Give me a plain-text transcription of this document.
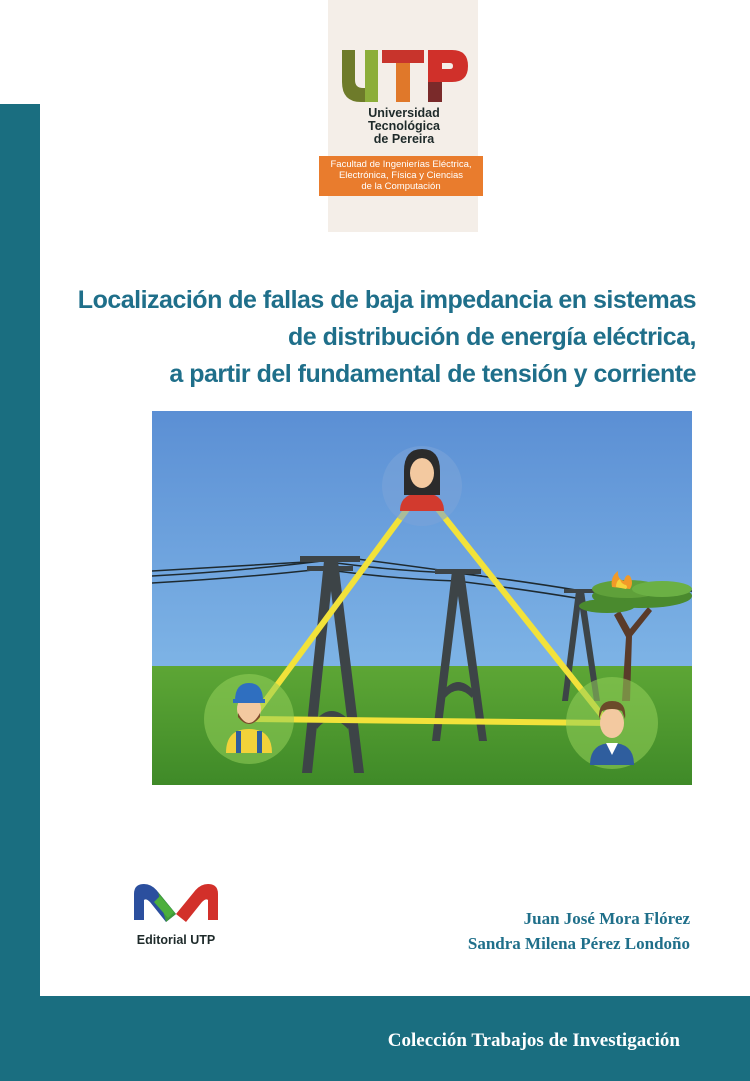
Universidad Tecnológica
de Pereira
Facultad de Ingenierías Eléctrica,
Electrónica, Física y Ciencias
de la Computación
Localización de fallas de baja impedancia en sistemas
de distribución de energía eléctrica,
a partir del fundamental de tensión y corriente
Editorial UTP
Juan José Mora Flórez
Sandra Milena Pérez Londoño
Colección Trabajos de Investigación
